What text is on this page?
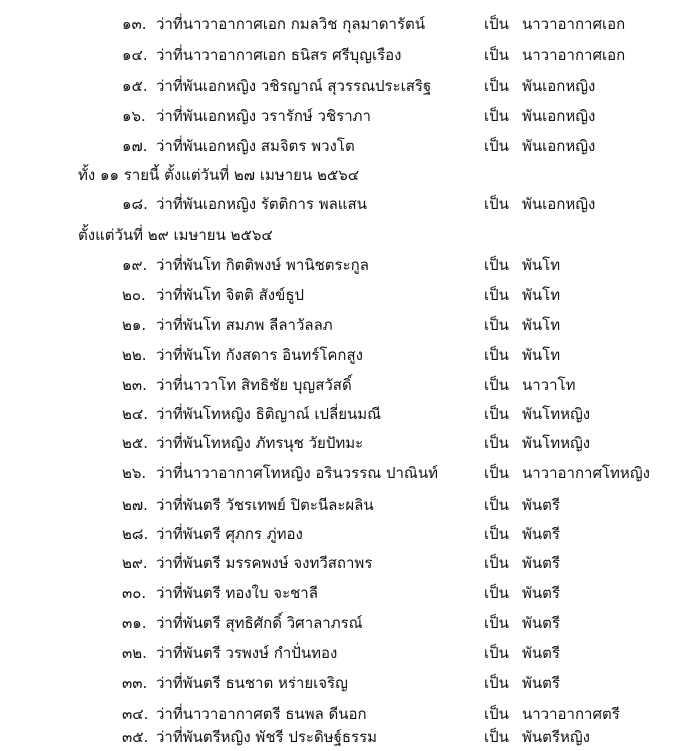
๑๓. ว่าที่นาวาอากาศเอก กมลวิช กุลมาดารัตน์	เป็น นาวาอากาศเอก
๑๔. ว่าที่นาวาอากาศเอก ธนิสร ศรีบุญเรือง	เป็น นาวาอากาศเอก
๑๕. ว่าที่พันเอกหญิง วชิรญาณ์ สุวรรณประเสริฐ	เป็น พันเอกหญิง
๑๖. ว่าที่พันเอกหญิง วรารักษ์ วชิราภา	เป็น พันเอกหญิง
๑๗. ว่าที่พันเอกหญิง สมจิตร พวงโต	เป็น พันเอกหญิง
ทั้ง ๑๑ รายนี้ ตั้งแต่วันที่ ๒๗ เมษายน ๒๕๖๔
๑๘. ว่าที่พันเอกหญิง รัตติการ พลแสน	เป็น พันเอกหญิง
ตั้งแต่วันที่ ๒๙ เมษายน ๒๕๖๔
๑๙. ว่าที่พันโท กิตติพงษ์ พานิชตระกูล	เป็น พันโท
๒๐. ว่าที่พันโท จิตติ สังข์ธูป	เป็น พันโท
๒๑. ว่าที่พันโท สมภพ ลีลาวัลลภ	เป็น พันโท
๒๒. ว่าที่พันโท กังสดาร อินทร์โคกสูง	เป็น พันโท
๒๓. ว่าที่นาวาโท สิทธิชัย บุญสวัสดิ์	เป็น นาวาโท
๒๔. ว่าที่พันโทหญิง ธิติญาณ์ เปลี่ยนมณี	เป็น พันโทหญิง
๒๕. ว่าที่พันโทหญิง ภัทรนุช วัยปัทมะ	เป็น พันโทหญิง
๒๖. ว่าที่นาวาอากาศโทหญิง อรินวรรณ ปาณินท์	เป็น นาวาอากาศโทหญิง
๒๗. ว่าที่พันตรี วัชรเทพย์ ปิตะนีละผลิน	เป็น พันตรี
๒๘. ว่าที่พันตรี ศุภกร ภู่ทอง	เป็น พันตรี
๒๙. ว่าที่พันตรี มรรคพงษ์ จงทวีสถาพร	เป็น พันตรี
๓๐. ว่าที่พันตรี ทองใบ จะชาลี	เป็น พันตรี
๓๑. ว่าที่พันตรี สุทธิศักดิ์ วิศาลาภรณ์	เป็น พันตรี
๓๒. ว่าที่พันตรี วรพงษ์ กำปั่นทอง	เป็น พันตรี
๓๓. ว่าที่พันตรี ธนชาต หร่ายเจริญ	เป็น พันตรี
๓๔. ว่าที่นาวาอากาศตรี ธนพล ดีนอก	เป็น นาวาอากาศตรี
๓๕. ว่าที่พันตรีหญิง พัชรี ประดิษฐ์ธรรม	เป็น พันตรีหญิง
